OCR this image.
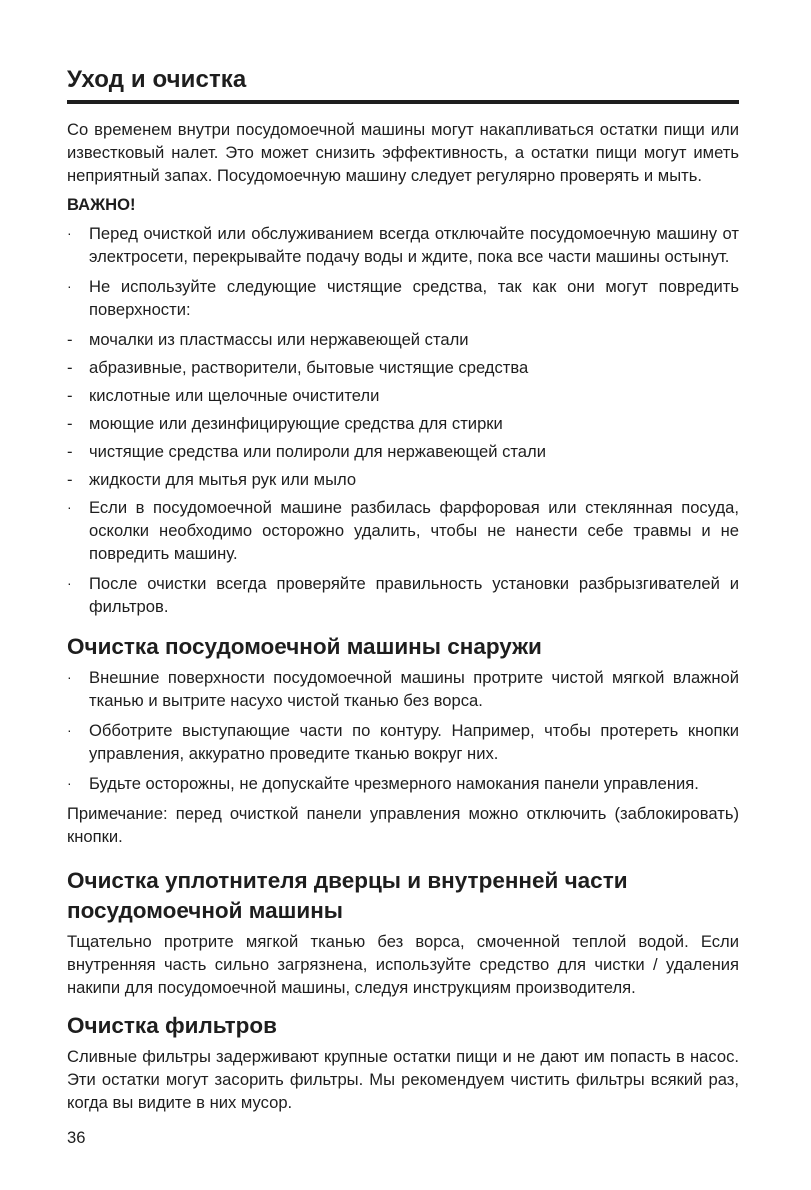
Уход и очистка

Со временем внутри посудомоечной машины могут накапливаться остатки пищи или известковый налет. Это может снизить эффективность, а остатки пищи могут иметь неприятный запах. Посудомоечную машину следует регулярно проверять и мыть.

ВАЖНО!
·	Перед очисткой или обслуживанием всегда отключайте посудомоечную машину от электросети, перекрывайте подачу воды и ждите, пока все части машины остынут.
·	Не используйте следующие чистящие средства, так как они могут повредить поверхности:
- мочалки из пластмассы или нержавеющей стали
- абразивные, растворители, бытовые чистящие средства
- кислотные или щелочные очистители
- моющие или дезинфицирующие средства для стирки
- чистящие средства или полироли для нержавеющей стали
- жидкости для мытья рук или мыло
·	Если в посудомоечной машине разбилась фарфоровая или стеклянная посуда, осколки необходимо осторожно удалить, чтобы не нанести себе травмы и не повредить машину.
·	После очистки всегда проверяйте правильность установки разбрызгивателей и фильтров.
Очистка посудомоечной машины снаружи
·	Внешние поверхности посудомоечной машины протрите чистой мягкой влажной тканью и вытрите насухо чистой тканью без ворса.
·	Обботрите выступающие части по контуру. Например, чтобы протереть кнопки управления, аккуратно проведите тканью вокруг них.
·	Будьте осторожны, не допускайте чрезмерного намокания панели управления.

Примечание: перед очисткой панели управления можно отключить (заблокировать) кнопки.

Очистка уплотнителя дверцы и внутренней части посудомоечной машины

Тщательно протрите мягкой тканью без ворса, смоченной теплой водой. Если внутренняя часть сильно загрязнена, используйте средство для чистки / удаления накипи для посудомоечной машины, следуя инструкциям производителя.

Очистка фильтров

Сливные фильтры задерживают крупные остатки пищи и не дают им попасть в насос. Эти остатки могут засорить фильтры. Мы рекомендуем чистить фильтры всякий раз, когда вы видите в них мусор.

36
